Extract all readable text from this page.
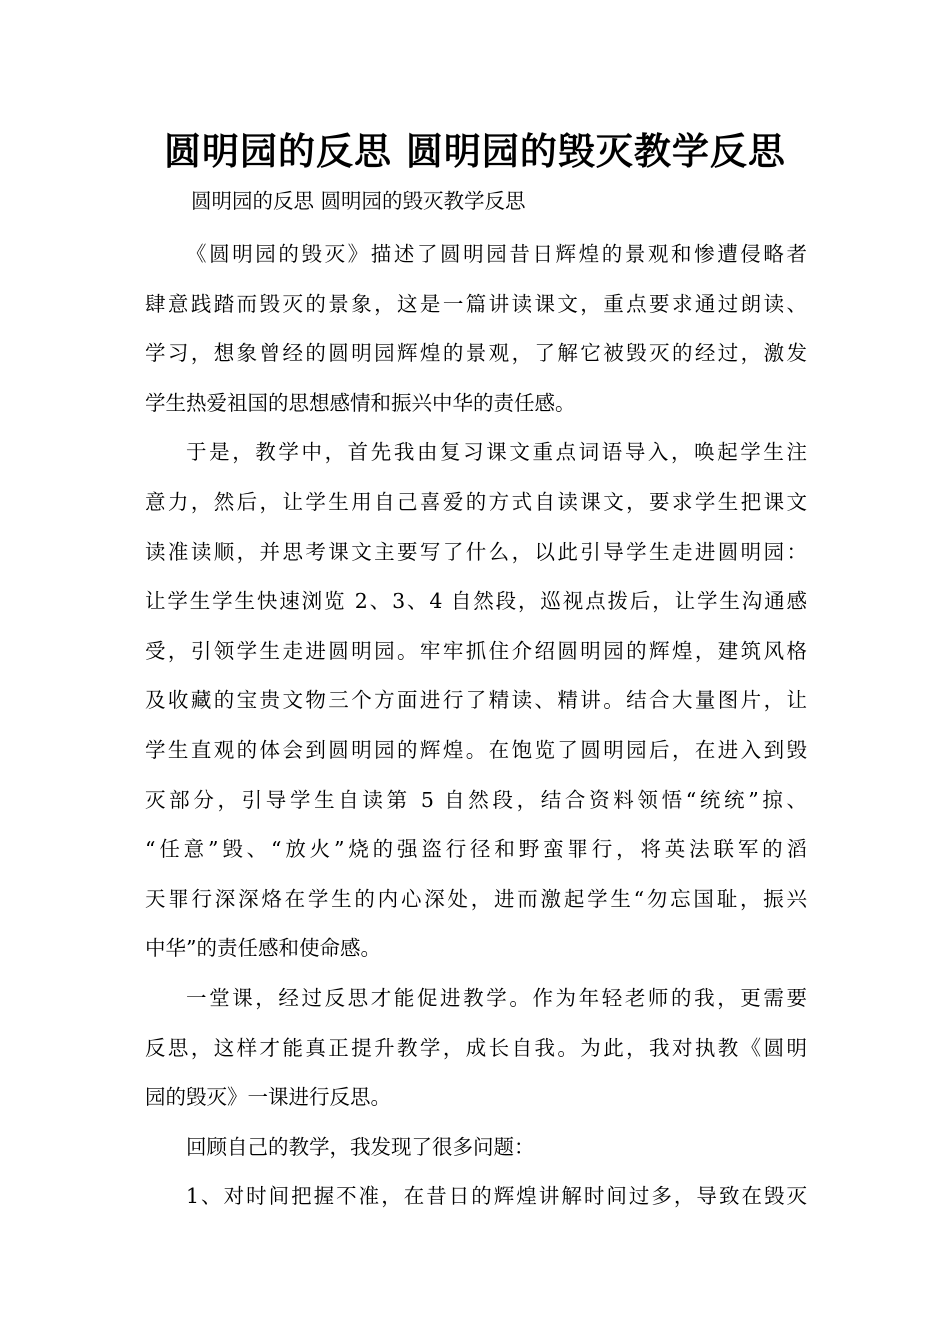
圆明园的反思 圆明园的毁灭教学反思
圆明园的反思 圆明园的毁灭教学反思

《圆明园的毁灭》描述了圆明园昔日辉煌的景观和惨遭侵略者
肆意践踏而毁灭的景象，这是一篇讲读课文，重点要求通过朗读、
学习，想象曾经的圆明园辉煌的景观，了解它被毁灭的经过，激发
学生热爱祖国的思想感情和振兴中华的责任感。

于是，教学中，首先我由复习课文重点词语导入，唤起学生注
意力，然后，让学生用自己喜爱的方式自读课文，要求学生把课文
读准读顺，并思考课文主要写了什么，以此引导学生走进圆明园：
让学生学生快速浏览 2、3、4 自然段，巡视点拨后，让学生沟通感
受，引领学生走进圆明园。牢牢抓住介绍圆明园的辉煌，建筑风格
及收藏的宝贵文物三个方面进行了精读、精讲。结合大量图片，让
学生直观的体会到圆明园的辉煌。在饱览了圆明园后，在进入到毁
灭部分，引导学生自读第 5 自然段，结合资料领悟“统统”掠、
“任意”毁、“放火”烧的强盗行径和野蛮罪行，将英法联军的滔
天罪行深深烙在学生的内心深处，进而激起学生“勿忘国耻，振兴
中华”的责任感和使命感。

一堂课，经过反思才能促进教学。作为年轻老师的我，更需要
反思，这样才能真正提升教学，成长自我。为此，我对执教《圆明
园的毁灭》一课进行反思。

回顾自己的教学，我发现了很多问题：

1、对时间把握不准，在昔日的辉煌讲解时间过多，导致在毁灭
